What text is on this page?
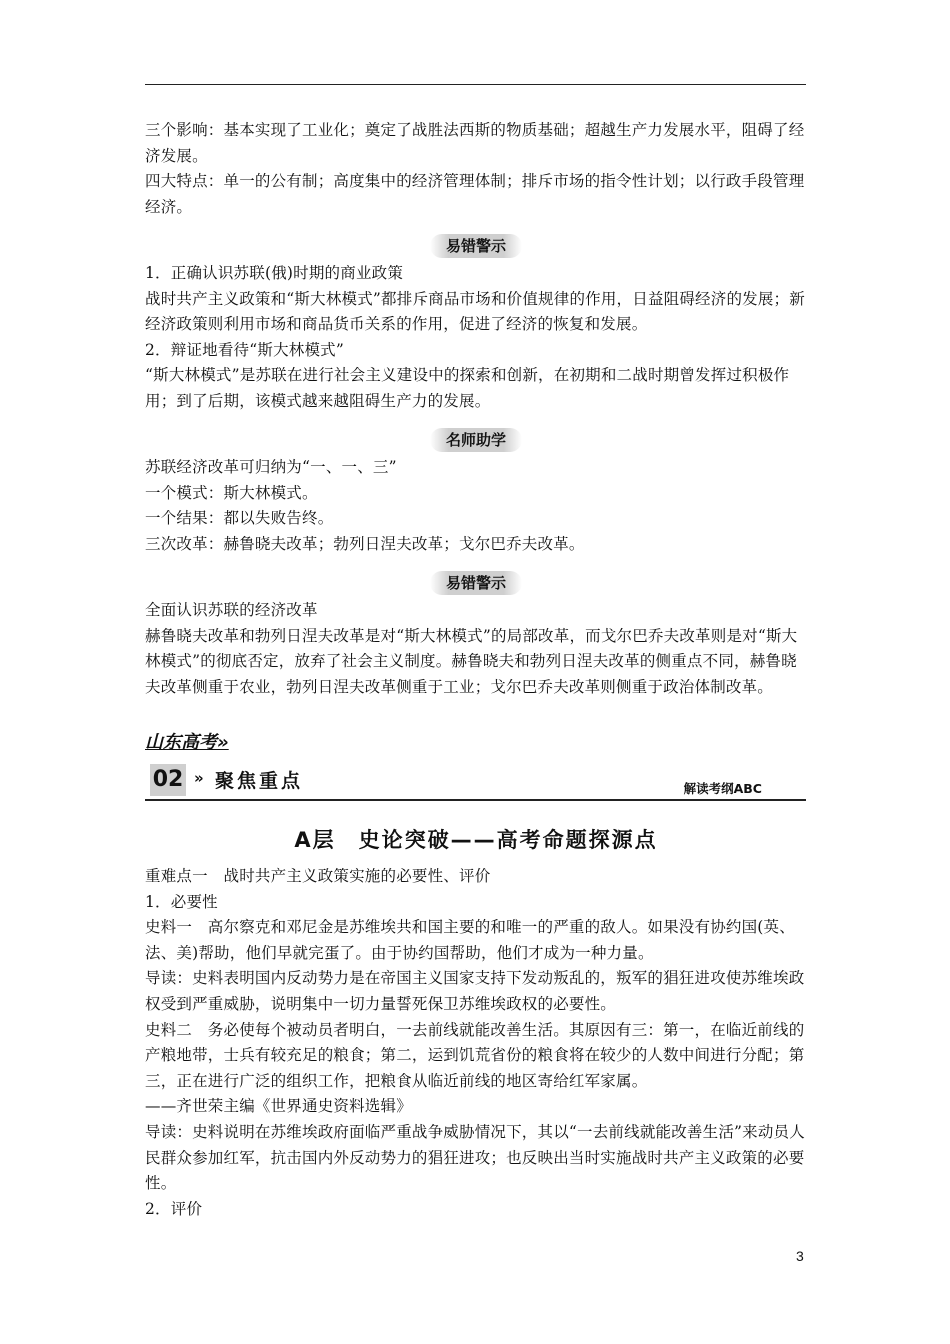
三个影响：基本实现了工业化；奠定了战胜法西斯的物质基础；超越生产力发展水平，阻碍了经济发展。

四大特点：单一的公有制；高度集中的经济管理体制；排斥市场的指令性计划；以行政手段管理经济。

易错警示

1．正确认识苏联(俄)时期的商业政策

战时共产主义政策和“斯大林模式”都排斥商品市场和价值规律的作用，日益阻碍经济的发展；新经济政策则利用市场和商品货币关系的作用，促进了经济的恢复和发展。

2．辩证地看待“斯大林模式”

“斯大林模式”是苏联在进行社会主义建设中的探索和创新，在初期和二战时期曾发挥过积极作用；到了后期，该模式越来越阻碍生产力的发展。

名师助学

苏联经济改革可归纳为“一、一、三”

一个模式：斯大林模式。

一个结果：都以失败告终。

三次改革：赫鲁晓夫改革；勃列日涅夫改革；戈尔巴乔夫改革。

易错警示

全面认识苏联的经济改革

赫鲁晓夫改革和勃列日涅夫改革是对“斯大林模式”的局部改革，而戈尔巴乔夫改革则是对“斯大林模式”的彻底否定，放弃了社会主义制度。赫鲁晓夫和勃列日涅夫改革的侧重点不同，赫鲁晓夫改革侧重于农业，勃列日涅夫改革侧重于工业；戈尔巴乔夫改革则侧重于政治体制改革。

山东高考»
02 » 聚焦重点	解读考纲ABC
A层　史论突破——高考命题探源点

重难点一　战时共产主义政策实施的必要性、评价

1．必要性

史料一　高尔察克和邓尼金是苏维埃共和国主要的和唯一的严重的敌人。如果没有协约国(英、法、美)帮助，他们早就完蛋了。由于协约国帮助，他们才成为一种力量。

导读：史料表明国内反动势力是在帝国主义国家支持下发动叛乱的，叛军的猖狂进攻使苏维埃政权受到严重威胁，说明集中一切力量誓死保卫苏维埃政权的必要性。

史料二　务必使每个被动员者明白，一去前线就能改善生活。其原因有三：第一，在临近前线的产粮地带，士兵有较充足的粮食；第二，运到饥荒省份的粮食将在较少的人数中间进行分配；第三，正在进行广泛的组织工作，把粮食从临近前线的地区寄给红军家属。

——齐世荣主编《世界通史资料选辑》

导读：史料说明在苏维埃政府面临严重战争威胁情况下，其以“一去前线就能改善生活”来动员人民群众参加红军，抗击国内外反动势力的猖狂进攻；也反映出当时实施战时共产主义政策的必要性。

2．评价

3
